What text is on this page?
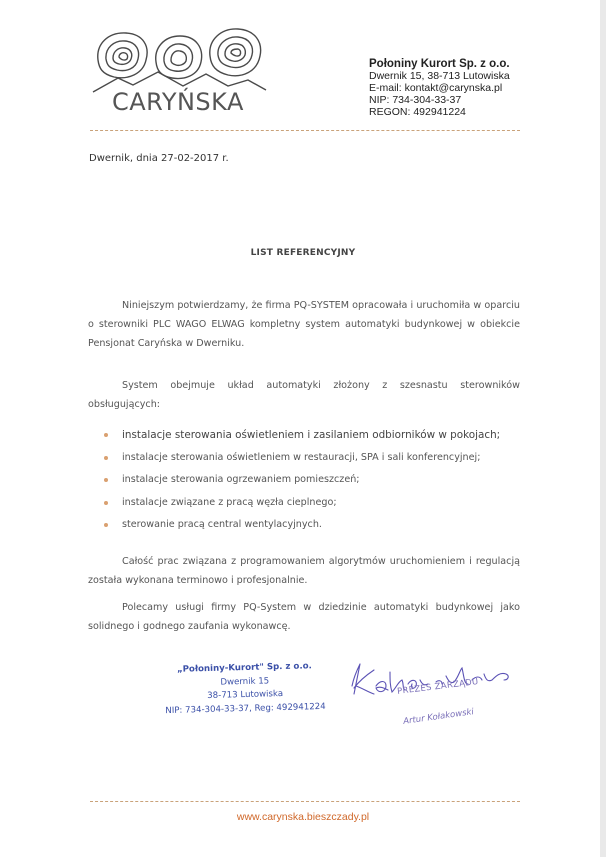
CARYŃSKA
Połoniny Kurort Sp. z o.o.
Dwernik 15, 38-713 Lutowiska
E-mail: kontakt@carynska.pl
NIP: 734-304-33-37
REGON: 492941224
Dwernik, dnia 27-02-2017 r.
LIST REFERENCYJNY
Niniejszym potwierdzamy, że firma PQ-SYSTEM opracowała i uruchomiła w oparciu o sterowniki PLC WAGO ELWAG kompletny system automatyki budynkowej w obiekcie Pensjonat Caryńska w Dwerniku.
System obejmuje układ automatyki złożony z szesnastu sterowników obsługujących:
instalacje sterowania oświetleniem i zasilaniem odbiorników w pokojach;
instalacje sterowania oświetleniem w restauracji, SPA i sali konferencyjnej;
instalacje sterowania ogrzewaniem pomieszczeń;
instalacje związane z pracą węzła cieplnego;
sterowanie pracą central wentylacyjnych.
Całość prac związana z programowaniem algorytmów uruchomieniem i regulacją została wykonana terminowo i profesjonalnie.
Polecamy usługi firmy PQ-System w dziedzinie automatyki budynkowej jako solidnego i godnego zaufania wykonawcę.
„Połoniny-Kurort" Sp. z o.o.
Dwernik 15
38-713 Lutowiska
NIP: 734-304-33-37, Reg: 492941224
PREZES ZARZĄDU
Artur Kołakowski
www.carynska.bieszczady.pl
